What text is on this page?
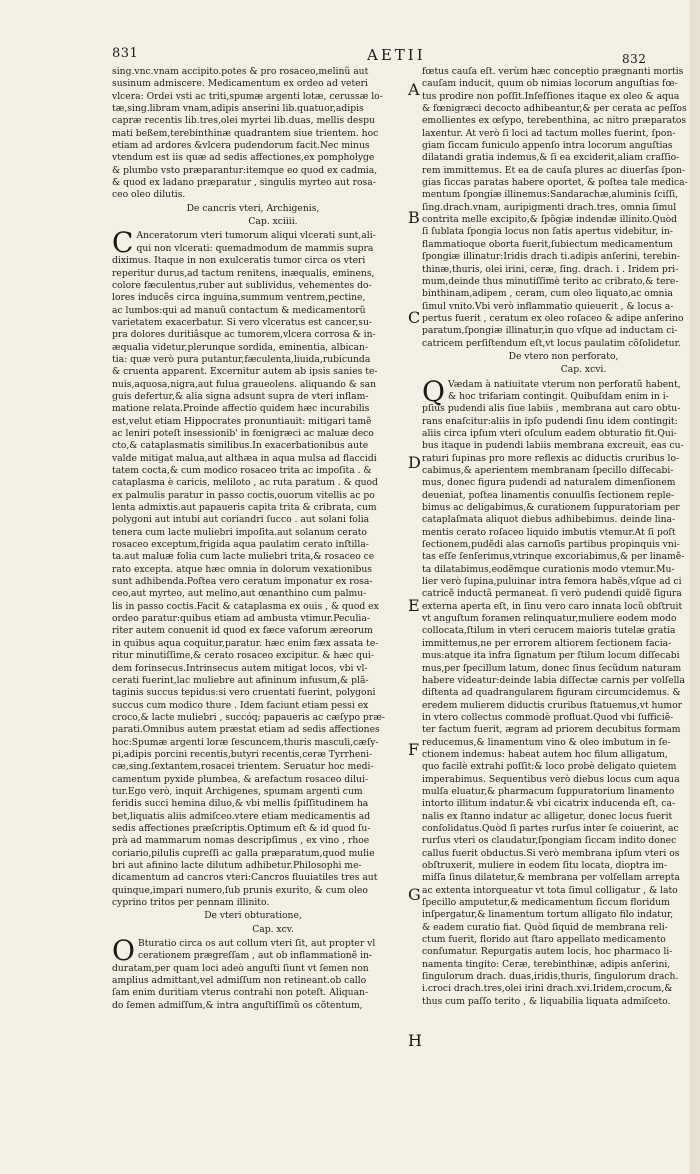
831	AETII	832
sing.vnc.vnam accipito.potes & pro rosaceo,melinũ aut
susinum admiscere. Medicamentum ex ordeo ad veteri
vlcera: Ordei vsti ac triti,spumæ argenti lotæ, cerussæ lo-
tæ,sing.libram vnam,adipis anserini lib.quatuor,adipis
capræ recentis lib.tres,olei myrtei lib.duas, mellis despu
mati beßem,terebinthinæ quadrantem siue trientem. hoc
etiam ad ardores &vlcera pudendorum facit.Nec minus
vtendum est iis quæ ad sedis affectiones,ex pompholyge
& plumbo vsto præparantur:itemque eo quod ex cadmia,
& quod ex ladano præparatur , singulis myrteo aut rosa-
ceo oleo dilutis.
De cancris vteri, Archigenis,
Cap. xciiii.
C Anceratorum vteri tumorum aliqui vlcerati sunt,ali-
qui non vlcerati: quemadmodum de mammis supra
diximus. Itaque in non exulceratis tumor circa os vteri
reperitur durus,ad tactum renitens, inæqualis, eminens,
colore fæculentus,ruber aut sublividus, vehementes do-
lores inducẽs circa inguina,summum ventrem,pectine,
ac lumbos:qui ad manuũ contactum & medicamentorũ
varietatem exacerbatur. Si vero vlceratus est cancer,su-
pra dolores duritiâsque ac tumorem,vlcera corrosa & in-
æqualia videtur,plerunque sordida, eminentia, albican-
tia: quæ verò pura putantur,fæculenta,liuida,rubicunda
& cruenta apparent. Excernitur autem ab ipsis sanies te-
nuis,aquosa,nigra,aut fulua graueolens. aliquando & san
guis defertur,& alia signa adsunt supra de vteri inflam-
matione relata.Proinde affectio quidem hæc incurabilis
est,velut etiam Hippocrates pronuntiauit: mitigari tamẽ
ac leniri poteſt insessionib' in fœnigræci ac maluæ deco
cto,& cataplasmatis similibus.In exacerbationibus aute
valde mitigat malua,aut althæa in aqua mulsa ad flaccidi
tatem cocta,& cum modico rosaceo trita ac impoſita . &
cataplasma è caricis, meliloto , ac ruta paratum . & quod
ex palmulis paratur in passo coctis,ouorum vitellis ac po
lenta admixtis.aut papaueris capita trita & cribrata, cum
polygoni aut intubi aut coriandri ſucco . aut solani folia
tenera cum lacte muliebri impoſita.aut solanum cerato
rosaceo exceptum,frigida aqua paulatim cerato inſtilla-
ta.aut maluæ folia cum lacte muliebri trita,& rosaceo ce
rato excepta. atque hæc omnia in dolorum vexationibus
sunt adhibenda.Poſtea vero ceratum imponatur ex rosa-
ceo,aut myrteo, aut melino,aut œnanthino cum palmu-
lis in passo coctis.Facit & cataplasma ex ouis , & quod ex
ordeo paratur:quibus etiam ad ambusta vtimur.Peculia-
riter autem conuenit id quod ex fæce vaforum æreorum
in quibus aqua coquitur,paratur. hæc enim fæx assata te-
ritur minutiſſime,& cerato rosaceo excipitur. & hæc qui-
dem forinsecus.Intrinsecus autem mitigat locos, vbi vl-
cerati fuerint,lac muliebre aut afininum infusum,& plã-
taginis succus tepidus:si vero cruentati fuerint, polygoni
succus cum modico thure . Idem faciunt etiam pessi ex
croco,& lacte muliebri , succóq; papaueris ac cæſypo præ-
parati.Omnibus autem præstat etiam ad sedis affectiones
hoc:Spumæ argenti loræ ſescuncem,thuris masculi,cæſy-
pi,adipis porcini recentis,butyri recentis,ceræ Tyrrheni-
cæ,sing.ſextantem,rosacei trientem. Seruatur hoc medi-
camentum pyxide plumbea, & arefactum rosaceo dilui-
tur.Ego verò, inquit Archigenes, spumam argenti cum
feridis succi hemina diluo,& vbi mellis ſpiſſitudinem ha
bet,liquatis aliis admiſceo.vtere etiam medicamentis ad
sedis affectiones præſcriptis.Optimum eſt & id quod ſu-
prà ad mammarum nomas descripſimus , ex vino , rhoe
coriario,pilulis cupreſſi ac galla præparatum,quod mulie
bri aut afinino lacte dilutum adhibetur.Philosophi me-
dicamentum ad cancros vteri:Cancros fluuiatiles tres aut
quinque,impari numero,ſub prunis exurito, & cum oleo
cyprino tritos per pennam illinito.
De vteri obturatione,
Cap. xcv.
O Bturatio circa os aut collum vteri ſit, aut propter vl
cerationem prægreſſam , aut ob inflammationẽ in-
duratam,per quam loci adeò anguſti ſiunt vt ſemen non
amplius admittant,vel admiſſum non retineant.ob callo
ſam enim duritiam vterus contrahi non poteſt. Aliquan-
do ſemen admiſſum,& intra anguſtiſſimũ os cõtentum,
A
B
C
D
E
F
G
H
fœtus cauſa eſt. verùm hæc conceptio prægnanti mortis
cauſam inducit, quum ob nimias locorum anguſtias fœ-
tus prodire non poſſit.Inſeſſiones itaque ex oleo & aqua
& fœnigræci decocto adhibeantur,& per cerata ac peſſos
emollientes ex œſypo, terebenthina, ac nitro præparatos
laxentur. At verò ſi loci ad tactum molles fuerint, ſpon-
giam ſiccam funiculo appenſo intra locorum anguſtias
dilatandi gratia indemus,& ſi ea exciderit,aliam craſſio-
rem immittemus. Et ea de cauſa plures ac diuerſas ſpon-
gias ſiccas paratas habere oportet, & poſtea tale medica-
mentum ſpongiæ illinemus:Sandarachæ,aluminis ſciſſi,
ſing.drach.vnam, auripigmenti drach.tres, omnia ſimul
contrita melle excipito,& ſpõgiæ indendæ illinito.Quòd
ſi ſublata ſpongia locus non ſatis apertus videbitur, in-
flammatioque oborta fuerit,ſubiectum medicamentum
ſpongiæ illinatur:Iridis drach ti.adipis anſerini, terebin-
thinæ,thuris, olei irini, ceræ, ſing. drach. i . Iridem pri-
mum,deinde thus minutiſſimè terito ac cribrato,& tere-
binthinam,adipem , ceram, cum oleo liquato,ac omnia
ſimul vnito.Vbi verò inflammatio quieuerit , & locus a-
pertus fuerit , ceratum ex oleo roſaceo & adipe anſerino
paratum,ſpongiæ illinatur,in quo vſque ad inductam ci-
catricem perſiſtendum eſt,vt locus paulatim cõſolidetur.
De vtero non perforato,
Cap. xcvi.
Q Vædam à natiuitate vterum non perforatũ habent,
& hoc trifariam contingit. Quibuſdam enim in i-
pſius pudendi alis ſiue labiis , membrana aut caro obtu-
rans enaſcitur:aliis in ipſo pudendi ſinu idem contingit:
aliis circa ipſum vteri oſculum eadem obturatio fit.Qui-
bus itaque in pudendi labiis membrana excreuit, eas cu-
raturi ſupinas pro more reflexis ac diductis cruribus lo-
cabimus,& aperientem membranam ſpecillo diſſecabi-
mus, donec figura pudendi ad naturalem dimenſionem
deueniat, poſtea linamentis conuulſis ſectionem reple-
bimus ac deligabimus,& curationem ſuppuratoriam per
cataplaſmata aliquot diebus adhibebimus. deinde lina-
mentis cerato roſaceo liquido imbutis vtemur.At ſi poſt
ſectionem,pudẽdi alas carnoſis partibus propinquis vni-
tas eſſe ſenſerimus,vtrinque excoriabimus,& per linamẽ-
ta dilatabimus,eodẽmque curationis modo vtemur.Mu-
lier verò ſupina,puluinar intra femora habẽs,vſque ad ci
catricẽ inductã permaneat. ſi verò pudendi quidẽ ſigura
externa aperta eſt, in ſinu vero caro innata locũ obſtruit
vt anguſtum foramen relinquatur,muliere eodem modo
collocata,ſtilum in vteri cerucem maioris tutelæ gratia
immittemus,ne per errorem altiorem ſectionem facia-
mus:atque ita infra ſignatum per ſtilum locum diſſecabi
mus,per ſpecillum latum, donec ſinus ſecũdum naturam
habere videatur:deinde labia diſſectæ carnis per volſella
diſtenta ad quadrangularem figuram circumcidemus. &
eredem mulierem diductis cruribus ſtatuemus,vt humor
in vtero collectus commodè profluat.Quod vbi ſufficiẽ-
ter factum fuerit, ægram ad priorem decubitus formam
reducemus,& linamentum vino & oleo imbutum in ſe-
ctionem indemus: habeat autem hoc filum alligatum,
quo facilè extrahi poſſit:& loco probè deligato quietem
imperabimus. Sequentibus verò diebus locus cum aqua
mulſa eluatur,& pharmacum ſuppuratorium linamento
intorto illitum indatur.& vbi cicatrix inducenda eſt, ca-
nalis ex ſtanno indatur ac alligetur, donec locus fuerit
conſolidatus.Quòd ſi partes rurſus inter ſe coiuerint, ac
rurſus vteri os claudatur,ſpongiam ſiccam indito donec
callus fuerit obductus.Si verò membrana ipſum vteri os
obſtruxerit, muliere in eodem ſitu locata, dioptra im-
miſſa ſinus dilatetur,& membrana per volſellam arrepta
ac extenta intorqueatur vt tota ſimul colligatur , & lato
ſpecillo amputetur,& medicamentum ſiccum floridum
inſpergatur,& linamentum tortum alligato filo indatur,
& eadem curatio fiat. Quòd ſiquid de membrana reli-
ctum fuerit, florido aut ſtaro appellato medicamento
conſumatur. Repurgatis autem locis, hoc pharmaco li-
namenta tingito: Ceræ, terebinthinæ, adipis anſerini,
ſingulorum drach. duas,iridis,thuris, ſingulorum drach.
i.croci drach.tres,olei irini drach.xvi.Iridem,crocum,&
thus cum paſſo terito , & liquabilia liquata admiſceto.
